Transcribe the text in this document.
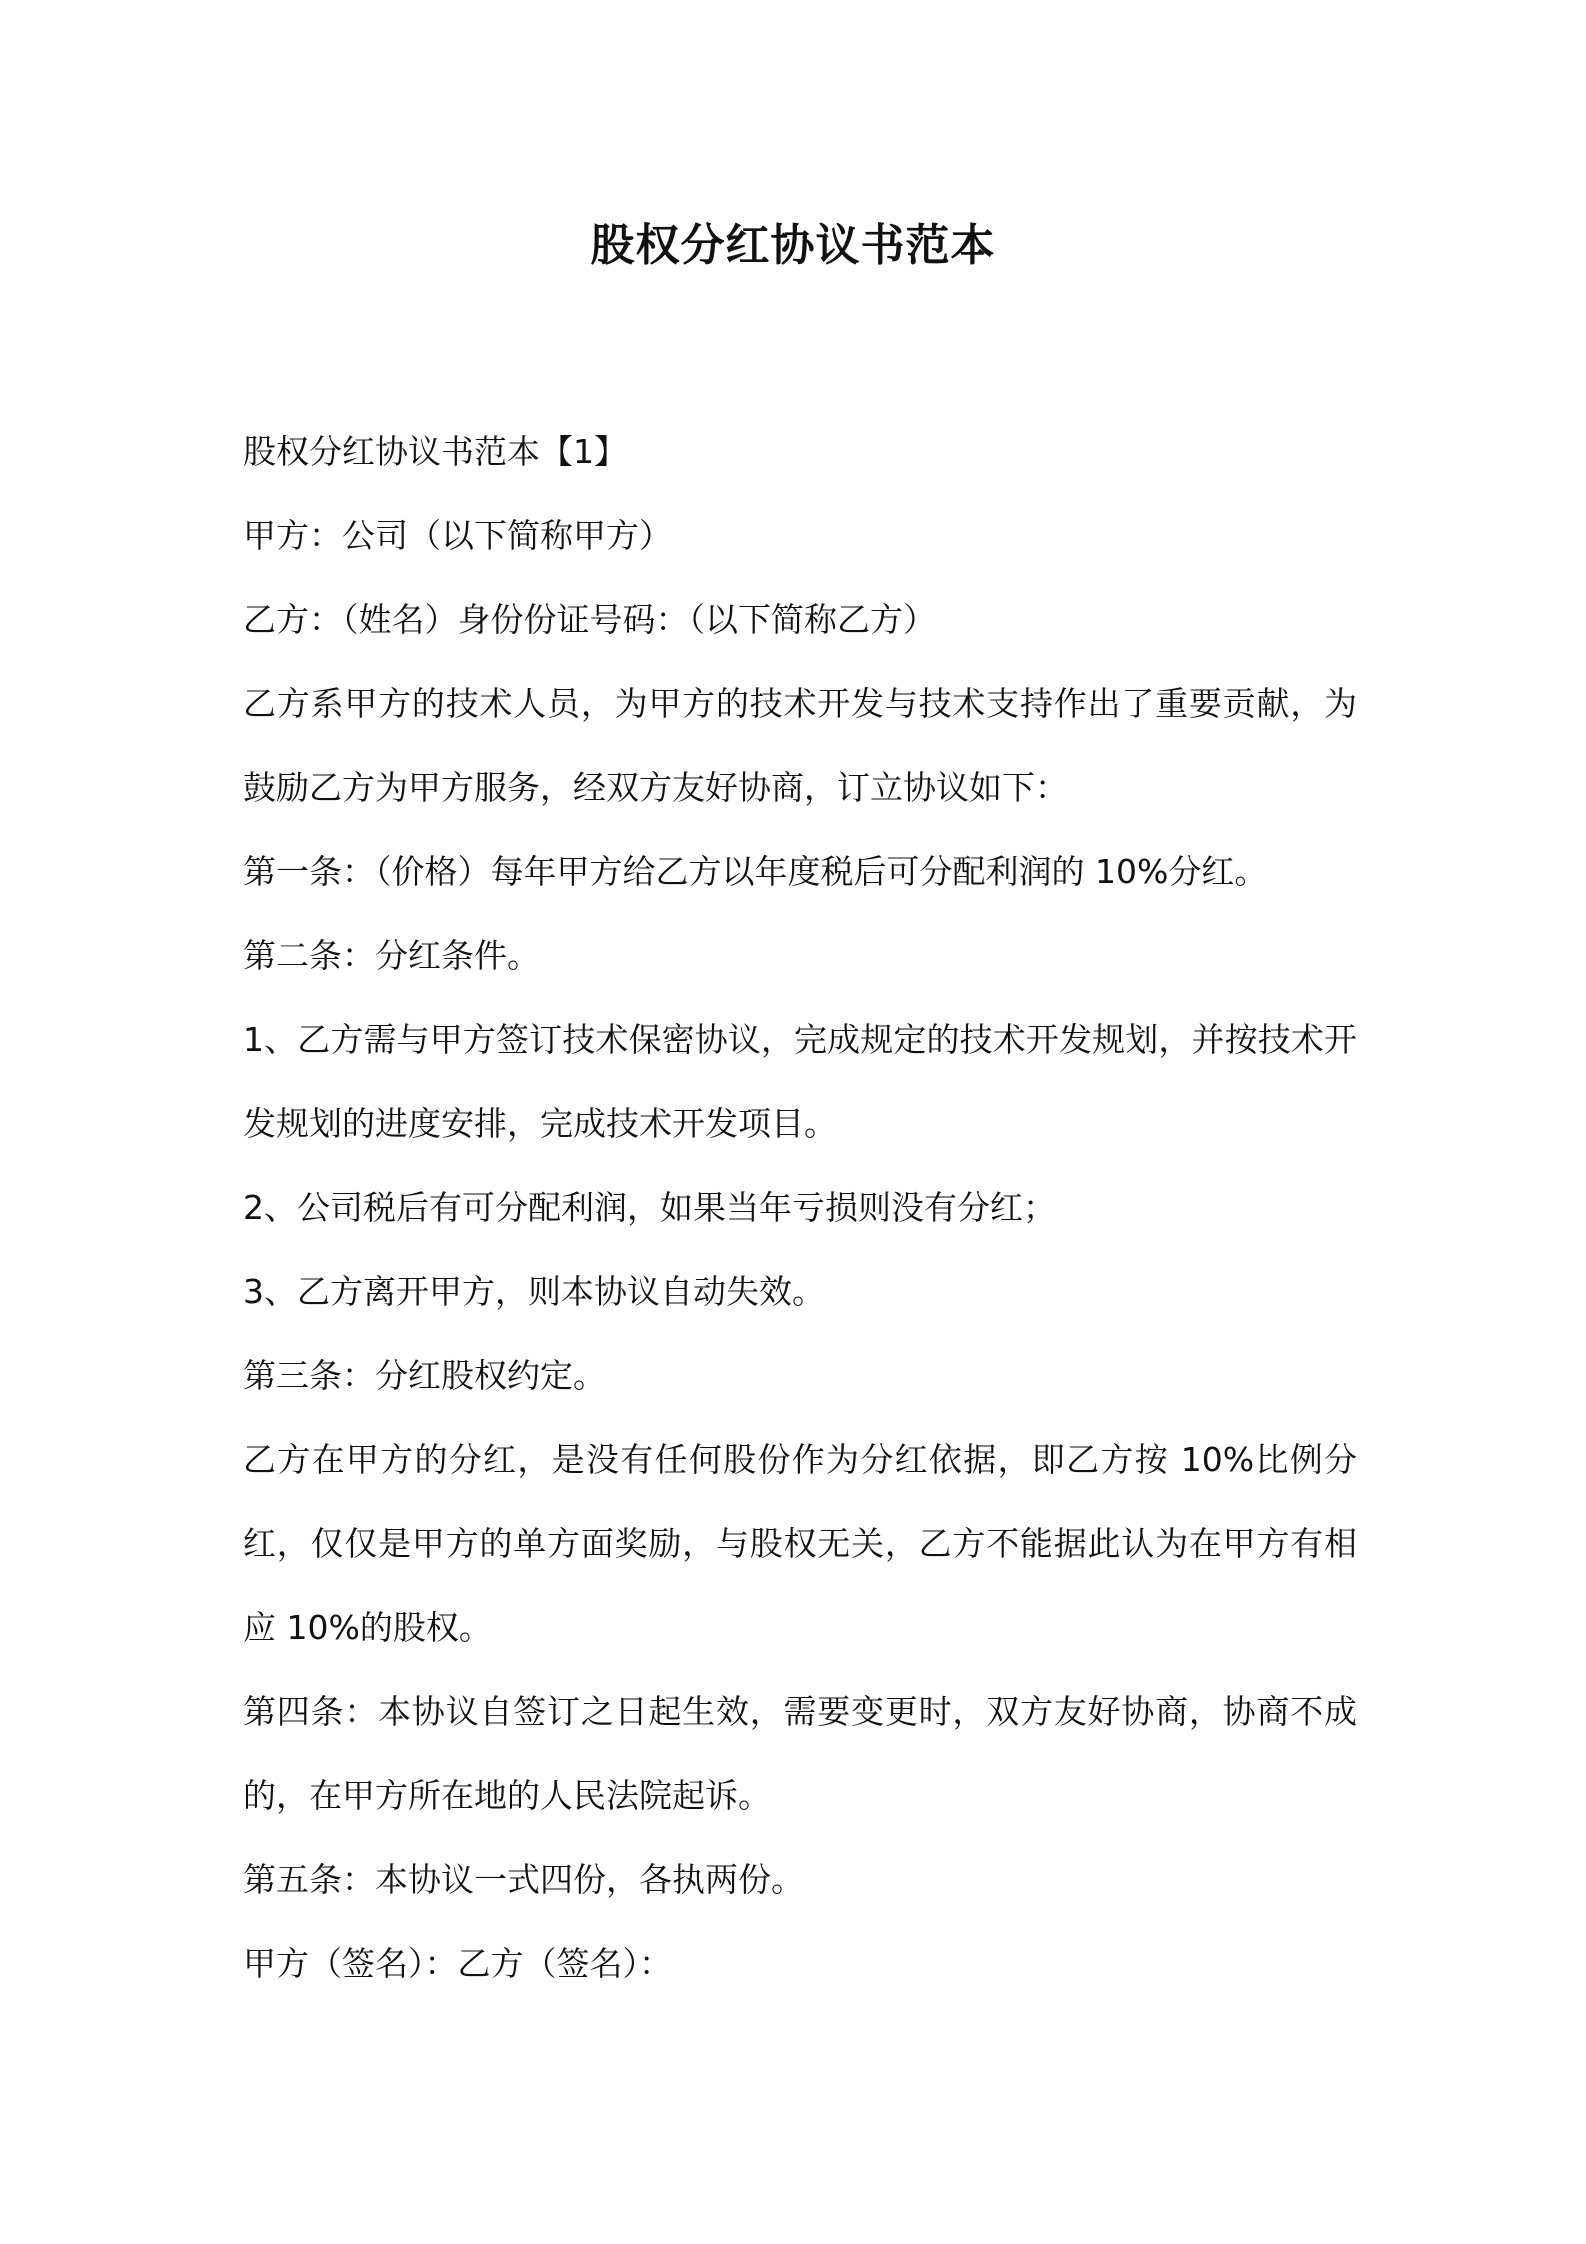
股权分红协议书范本

股权分红协议书范本【1】

甲方：公司（以下简称甲方）

乙方：（姓名）身份份证号码：（以下简称乙方）

乙方系甲方的技术人员，为甲方的技术开发与技术支持作出了重要贡献，为鼓励乙方为甲方服务，经双方友好协商，订立协议如下：

第一条：（价格）每年甲方给乙方以年度税后可分配利润的 10%分红。

第二条：分红条件。

1、乙方需与甲方签订技术保密协议，完成规定的技术开发规划，并按技术开发规划的进度安排，完成技术开发项目。

2、公司税后有可分配利润，如果当年亏损则没有分红；

3、乙方离开甲方，则本协议自动失效。

第三条：分红股权约定。

乙方在甲方的分红，是没有任何股份作为分红依据，即乙方按 10%比例分红，仅仅是甲方的单方面奖励，与股权无关，乙方不能据此认为在甲方有相应 10%的股权。

第四条：本协议自签订之日起生效，需要变更时，双方友好协商，协商不成的，在甲方所在地的人民法院起诉。

第五条：本协议一式四份，各执两份。

甲方（签名）：乙方（签名）：
